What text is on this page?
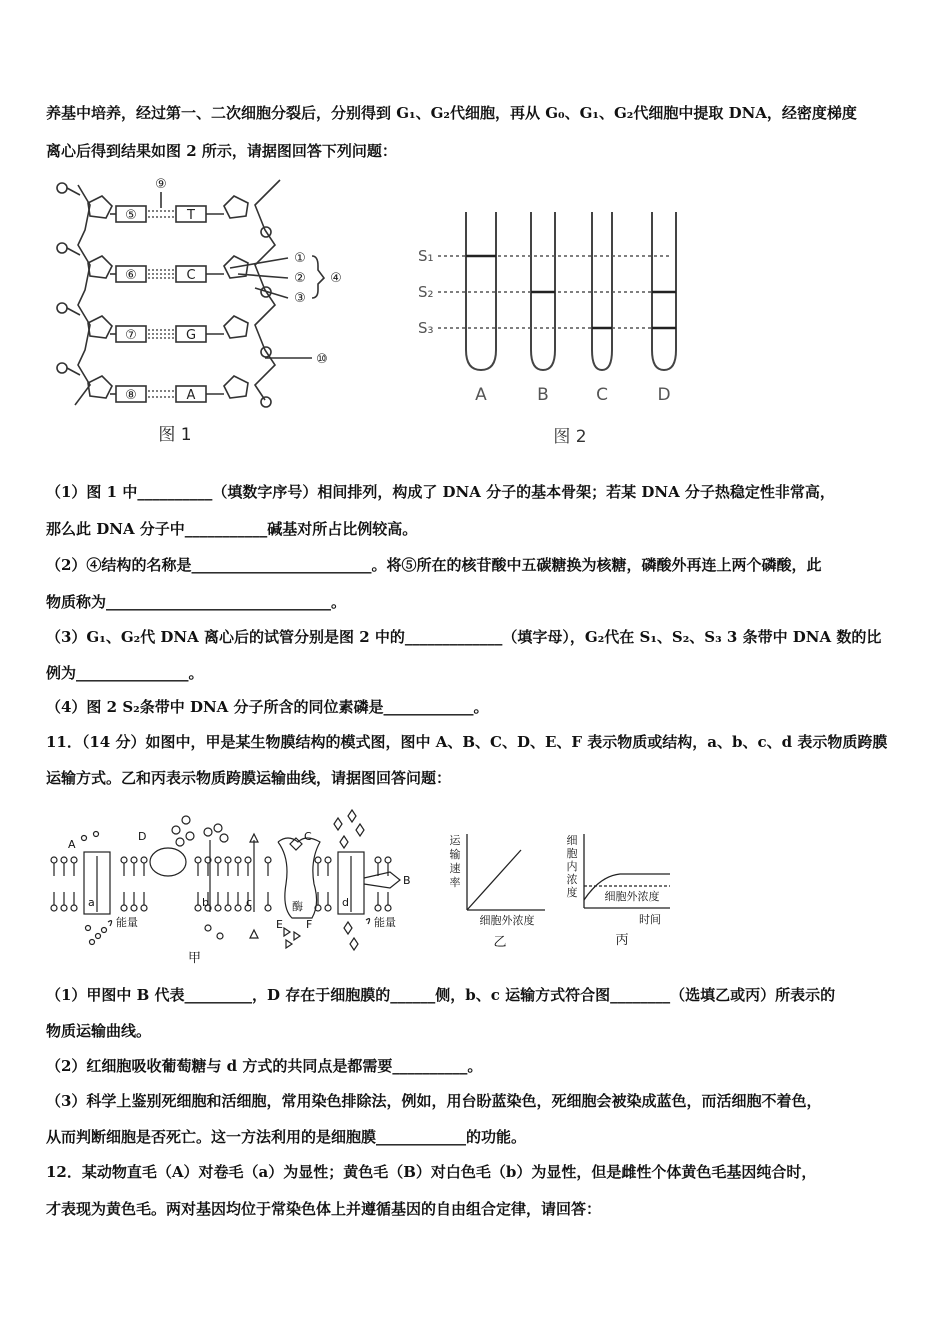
养基中培养，经过第一、二次细胞分裂后，分别得到 G₁、G₂代细胞，再从 G₀、G₁、G₂代细胞中提取 DNA，经密度梯度
离心后得到结果如图 2 所示，请据图回答下列问题：
⑨
⑤	T
⑥	C
⑦	G
⑧	A
①
②
③
④
⑩
图 1
S₁
S₂
S₃
A	B	C	D
图 2
（1）图 1 中__________（填数字序号）相间排列，构成了 DNA 分子的基本骨架；若某 DNA 分子热稳定性非常高，
那么此 DNA 分子中___________碱基对所占比例较高。
（2）④结构的名称是________________________。将⑤所在的核苷酸中五碳糖换为核糖，磷酸外再连上两个磷酸，此
物质称为______________________________。
（3）G₁、G₂代 DNA 离心后的试管分别是图 2 中的_____________（填字母），G₂代在 S₁、S₂、S₃ 3 条带中 DNA 数的比
例为_______________。
（4）图 2 S₂条带中 DNA 分子所含的同位素磷是____________。
11．（14 分）如图中，甲是某生物膜结构的模式图，图中 A、B、C、D、E、F 表示物质或结构，a、b、c、d 表示物质跨膜
运输方式。乙和丙表示物质跨膜运输曲线，请据图回答问题：
A
B
C
D
E F
a	b	c	d
能量	能量
酶
甲
运
输
速
率
细胞外浓度
乙
细
胞
内
浓
度 细胞外浓度
时间
丙
（1）甲图中 B 代表_________，D 存在于细胞膜的______侧，b、c 运输方式符合图________（选填乙或丙）所表示的
物质运输曲线。
（2）红细胞吸收葡萄糖与 d 方式的共同点是都需要__________。
（3）科学上鉴别死细胞和活细胞，常用染色排除法，例如，用台盼蓝染色，死细胞会被染成蓝色，而活细胞不着色，
从而判断细胞是否死亡。这一方法利用的是细胞膜____________的功能。
12．某动物直毛（A）对卷毛（a）为显性；黄色毛（B）对白色毛（b）为显性，但是雌性个体黄色毛基因纯合时，
才表现为黄色毛。两对基因均位于常染色体上并遵循基因的自由组合定律，请回答：
